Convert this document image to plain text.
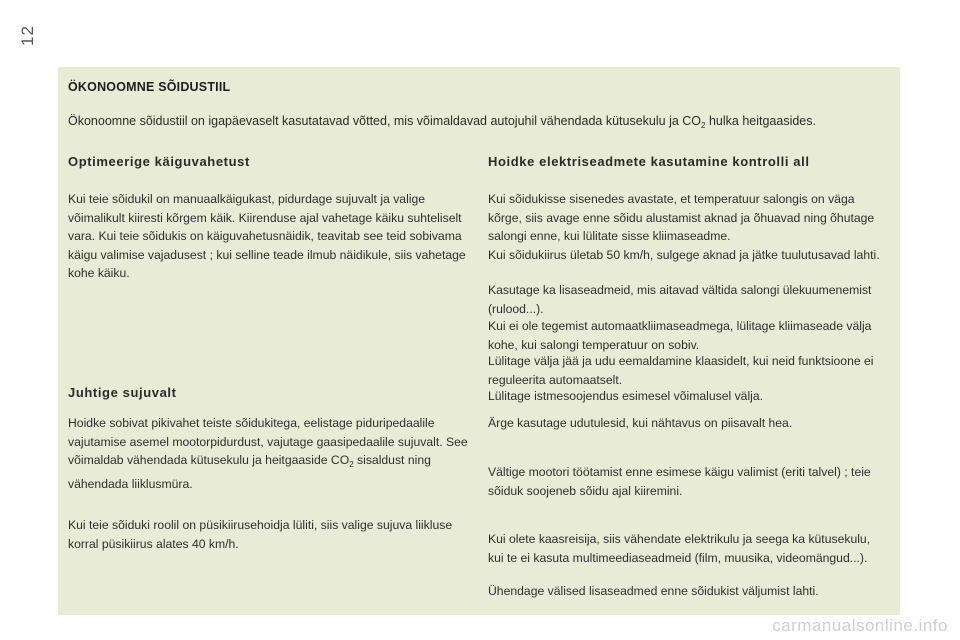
12
ÖKONOOMNE SÕIDUSTIIL

Ökonoomne sõidustiil on igapäevaselt kasutatavad võtted, mis võimaldavad autojuhil vähendada kütusekulu ja $CO_2$ hulka heitgaasides.

Optimeerige käiguvahetust

Kui teie sõidukil on manuaalkäigukast, pidurdage sujuvalt ja valige võimalikult kiiresti kõrgem käik. Kiirenduse ajal vahetage käiku suhteliselt vara. Kui teie sõidukis on käiguvahetusnäidik, teavitab see teid sobivama käigu valimise vajadusest ; kui selline teade ilmub näidikule, siis vahetage kohe käiku.

Juhtige sujuvalt

Hoidke sobivat pikivahet teiste sõidukitega, eelistage piduripedaalile vajutamise asemel mootorpidurdust, vajutage gaasipedaalile sujuvalt. See võimaldab vähendada kütusekulu ja heitgaaside $CO_2$ sisaldust ning vähendada liiklusmüra.

Kui teie sõiduki roolil on püsikiirusehoidja lüliti, siis valige sujuva liikluse korral püsikiirus alates 40 km/h.

Hoidke elektriseadmete kasutamine kontrolli all

Kui sõidukisse sisenedes avastate, et temperatuur salongis on väga kõrge, siis avage enne sõidu alustamist aknad ja õhuavad ning õhutage salongi enne, kui lülitate sisse kliimaseadme.

Kui sõidukiirus ületab 50 km/h, sulgege aknad ja jätke tuulutusavad lahti.

Kasutage ka lisaseadmeid, mis aitavad vältida salongi ülekuumenemist (rulood...).

Kui ei ole tegemist automaatkliimaseadmega, lülitage kliimaseade välja kohe, kui salongi temperatuur on sobiv.

Lülitage välja jää ja udu eemaldamine klaasidelt, kui neid funktsioone ei reguleerita automaatselt.

Lülitage istmesoojendus esimesel võimalusel välja.

Ärge kasutage udutulesid, kui nähtavus on piisavalt hea.

Vältige mootori töötamist enne esimese käigu valimist (eriti talvel) ; teie sõiduk soojeneb sõidu ajal kiiremini.

Kui olete kaasreisija, siis vähendate elektrikulu ja seega ka kütusekulu, kui te ei kasuta multimeediaseadmeid (film, muusika, videomängud...).

Ühendage välised lisaseadmed enne sõidukist väljumist lahti.

carmanualsonline.info
